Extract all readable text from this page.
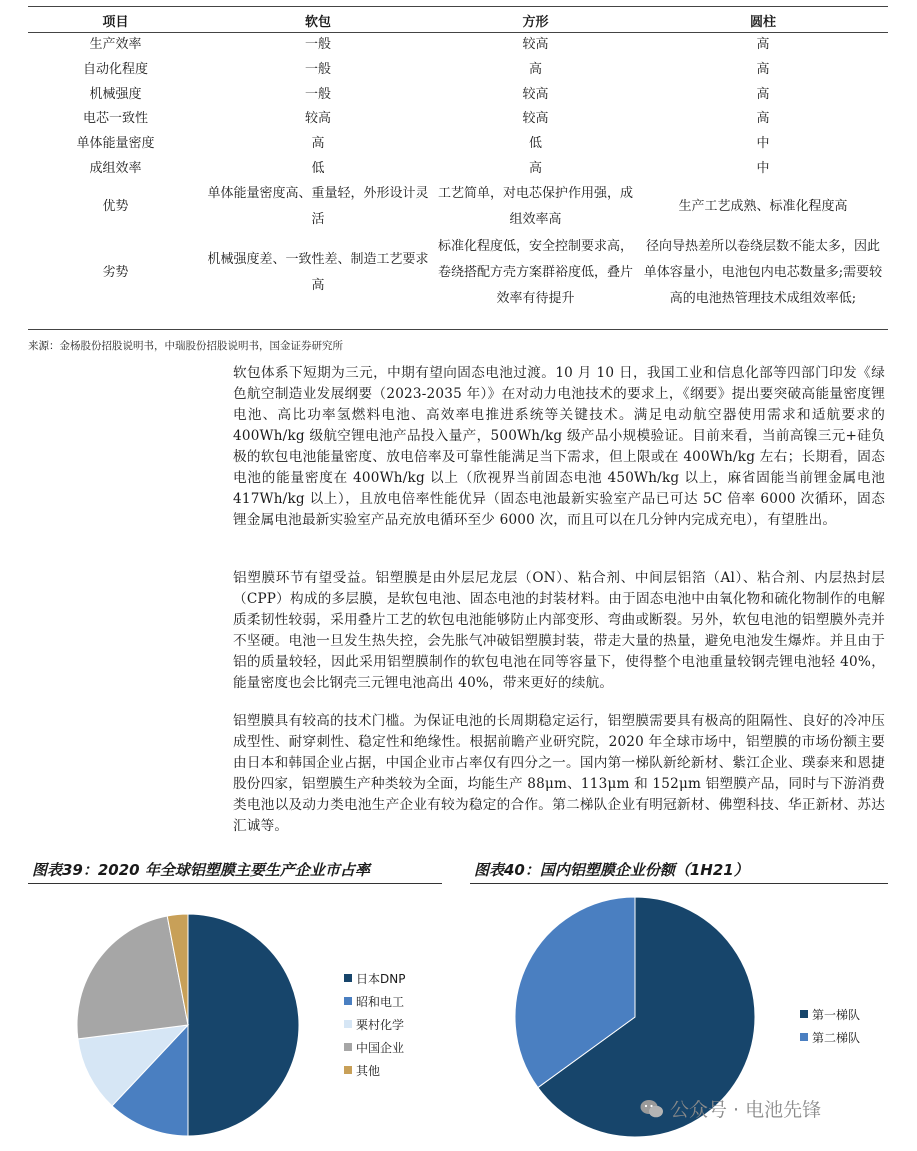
项目	软包	方形	圆柱
生产效率	一般	较高	高
自动化程度	一般	高	高
机械强度	一般	较高	高
电芯一致性	较高	较高	高
单体能量密度	高	低	中
成组效率	低	高	中
优势	单体能量密度高、重量轻，外形设计灵活	工艺简单，对电芯保护作用强，成组效率高	生产工艺成熟、标准化程度高
劣势	机械强度差、一致性差、制造工艺要求高	标准化程度低，安全控制要求高，卷绕搭配方壳方案群裕度低，叠片效率有待提升	径向导热差所以卷绕层数不能太多，因此单体容量小，电池包内电芯数量多;需要较高的电池热管理技术成组效率低;
来源：金杨股份招股说明书，中瑞股份招股说明书，国金证券研究所

软包体系下短期为三元，中期有望向固态电池过渡。10 月 10 日，我国工业和信息化部等四部门印发《绿色航空制造业发展纲要（2023-2035 年）》在对动力电池技术的要求上，《纲要》提出要突破高能量密度锂电池、高比功率氢燃料电池、高效率电推进系统等关键技术。满足电动航空器使用需求和适航要求的 400Wh/kg 级航空锂电池产品投入量产，500Wh/kg 级产品小规模验证。目前来看，当前高镍三元+硅负极的软包电池能量密度、放电倍率及可靠性能满足当下需求，但上限或在 400Wh/kg 左右；长期看，固态电池的能量密度在 400Wh/kg 以上（欣视界当前固态电池 450Wh/kg 以上，麻省固能当前锂金属电池 417Wh/kg 以上），且放电倍率性能优异（固态电池最新实验室产品已可达 5C 倍率 6000 次循环，固态锂金属电池最新实验室产品充放电循环至少 6000 次，而且可以在几分钟内完成充电），有望胜出。

铝塑膜环节有望受益。铝塑膜是由外层尼龙层（ON）、粘合剂、中间层铝箔（Al）、粘合剂、内层热封层（CPP）构成的多层膜，是软包电池、固态电池的封装材料。由于固态电池中由氧化物和硫化物制作的电解质柔韧性较弱，采用叠片工艺的软包电池能够防止内部变形、弯曲或断裂。另外，软包电池的铝塑膜外壳并不坚硬。电池一旦发生热失控，会先胀气冲破铝塑膜封装，带走大量的热量，避免电池发生爆炸。并且由于铝的质量较轻，因此采用铝塑膜制作的软包电池在同等容量下，使得整个电池重量较钢壳锂电池轻 40%，能量密度也会比钢壳三元锂电池高出 40%，带来更好的续航。

铝塑膜具有较高的技术门槛。为保证电池的长周期稳定运行，铝塑膜需要具有极高的阻隔性、良好的冷冲压成型性、耐穿刺性、稳定性和绝缘性。根据前瞻产业研究院，2020 年全球市场中，铝塑膜的市场份额主要由日本和韩国企业占据，中国企业市占率仅有四分之一。国内第一梯队新纶新材、紫江企业、璞泰来和恩捷股份四家，铝塑膜生产种类较为全面，均能生产 88μm、113μm 和 152μm 铝塑膜产品，同时与下游消费类电池以及动力类电池生产企业有较为稳定的合作。第二梯队企业有明冠新材、佛塑科技、华正新材、苏达汇诚等。

图表39：2020 年全球铝塑膜主要生产企业市占率	图表40：国内铝塑膜企业份额（1H21）
日本DNP
昭和电工
栗村化学
中国企业
其他
第一梯队
第二梯队
公众号 · 电池先锋
